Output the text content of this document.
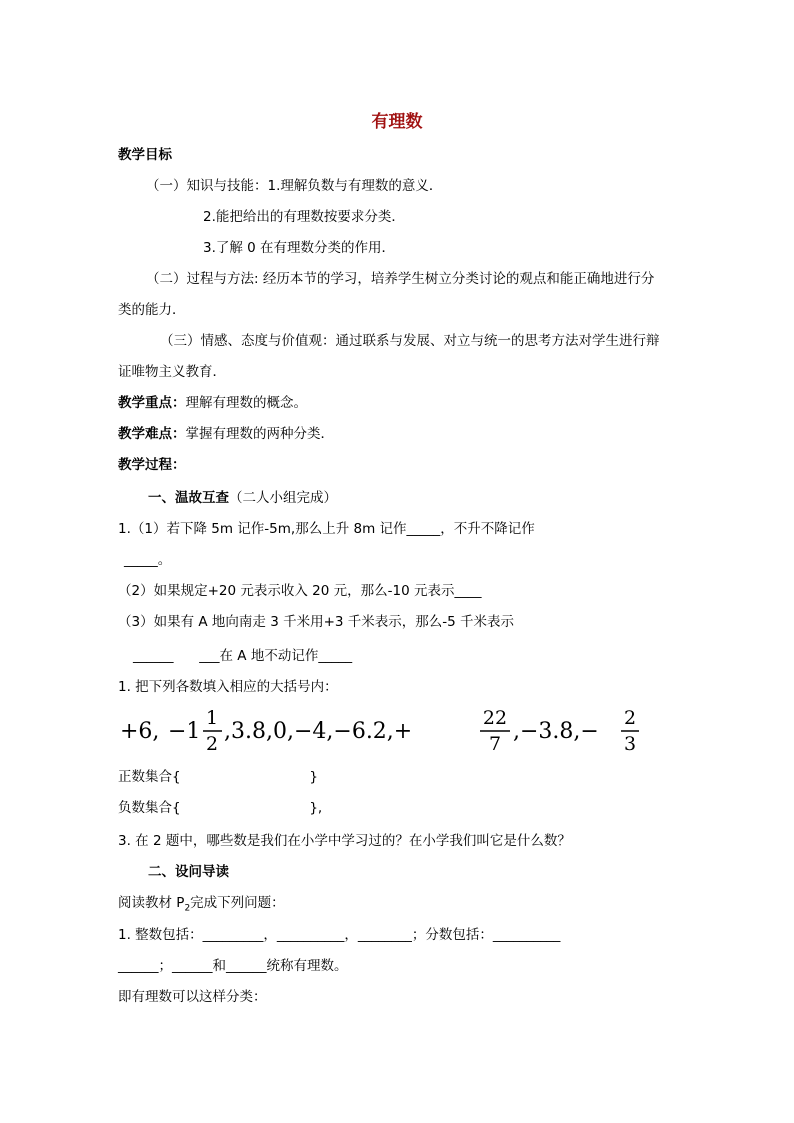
有理数
教学目标
（一）知识与技能：1.理解负数与有理数的意义．
2.能把给出的有理数按要求分类．
3.了解 0 在有理数分类的作用．
（二）过程与方法: 经历本节的学习，培养学生树立分类讨论的观点和能正确地进行分
类的能力．
（三）情感、态度与价值观：通过联系与发展、对立与统一的思考方法对学生进行辩
证唯物主义教育．
教学重点：理解有理数的概念。
教学难点：掌握有理数的两种分类．
教学过程：
一、温故互查（二人小组完成）
1.（1）若下降 5m 记作-5m,那么上升 8m 记作_____，不升不降记作
_____。
（2）如果规定+20 元表示收入 20 元，那么-10 元表示____
（3）如果有 A 地向南走 3 千米用+3 千米表示，那么-5 千米表示
______      ___在 A 地不动记作_____
1. 把下列各数填入相应的大括号内：
+6, −1
1
2 ,3.8,0,−4,−6.2,+
22
7 ,−3.8,−
2
3
正数集合{                              }
负数集合{                              },
3. 在 2 题中，哪些数是我们在小学中学习过的？在小学我们叫它是什么数？
二、设问导读
阅读教材 $P_2$完成下列问题：
1. 整数包括：_________，__________，________；分数包括：__________
______；______和______统称有理数。
即有理数可以这样分类：
